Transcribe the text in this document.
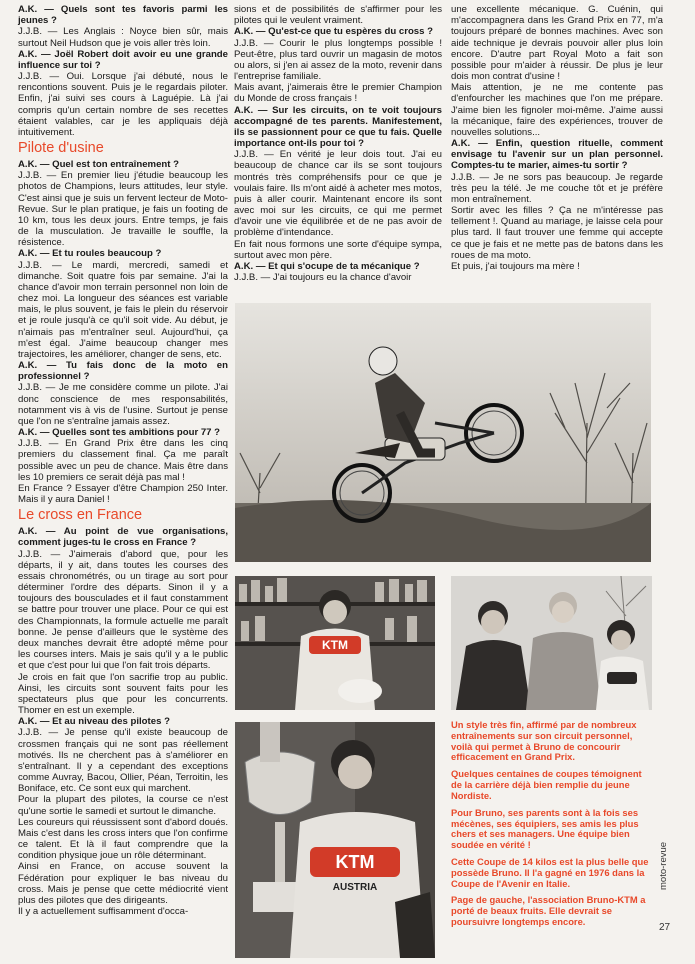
A.K. — Quels sont tes favoris parmi les jeunes ?

J.J.B. — Les Anglais : Noyce bien sûr, mais surtout Neil Hudson que je vois aller très loin.

A.K. — Joël Robert doit avoir eu une grande influence sur toi ?

J.J.B. — Oui. Lorsque j'ai débuté, nous le rencontions souvent. Puis je le regardais piloter. Enfin, j'ai suivi ses cours à Laguépie. Là j'ai compris qu'un certain nombre de ses recettes étaient valables, car je les appliquais déjà intuitivement.

Pilote d'usine

A.K. — Quel est ton entraînement ?

J.J.B. — En premier lieu j'étudie beaucoup les photos de Champions, leurs attitudes, leur style. C'est ainsi que je suis un fervent lecteur de Moto-Revue. Sur le plan pratique, je fais un footing de 10 km, tous les deux jours. Entre temps, je fais de la musculation. Je travaille le souffle, la résistence.

A.K. — Et tu roules beaucoup ?

J.J.B. — Le mardi, mercredi, samedi et dimanche. Soit quatre fois par semaine. J'ai la chance d'avoir mon terrain personnel non loin de chez moi. La longueur des séances est variable mais, le plus souvent, je fais le plein du réservoir et je roule jusqu'à ce qu'il soit vide. Au début, je n'aimais pas m'entraîner seul. Aujourd'hui, ça m'est égal. J'aime beaucoup changer mes trajectoires, les améliorer, changer de sens, etc.

A.K. — Tu fais donc de la moto en professionnel ?

J.J.B. — Je me considère comme un pilote. J'ai donc conscience de mes responsabilités, notamment vis à vis de l'usine. Surtout je pense que l'on ne s'entraîne jamais assez.

A.K. — Quelles sont tes ambitions pour 77 ?

J.J.B. — En Grand Prix être dans les cinq premiers du classement final. Ça me paraît possible avec un peu de chance. Mais être dans les 10 premiers ce serait déjà pas mal !

En France ? Essayer d'être Champion 250 Inter. Mais il y aura Daniel !

Le cross en France

A.K. — Au point de vue organisations, comment juges-tu le cross en France ?

J.J.B. — J'aimerais d'abord que, pour les départs, il y ait, dans toutes les courses des essais chronométrés, ou un tirage au sort pour déterminer l'ordre des départs. Sinon il y a toujours des bousculades et il faut constamment se battre pour trouver une place. Pour ce qui est des Championnats, la formule actuelle me paraît bonne. Je pense d'ailleurs que le système des deux manches devrait être adopté même pour les courses inters. Mais je sais qu'il y a le public et que c'est pour lui que l'on fait trois départs.

Je crois en fait que l'on sacrifie trop au public. Ainsi, les circuits sont souvent faits pour les spectateurs plus que pour les concurrents. Thomer en est un exemple.

A.K. — Et au niveau des pilotes ?

J.J.B. — Je pense qu'il existe beaucoup de crossmen français qui ne sont pas réellement motivés. Ils ne cherchent pas à s'améliorer en s'entraînant. Il y a cependant des exceptions comme Auvray, Bacou, Ollier, Péan, Terroitin, les Boniface, etc. Ce sont eux qui marchent.

Pour la plupart des pilotes, la course ce n'est qu'une sortie le samedi et surtout le dimanche.

Les coureurs qui réussissent sont d'abord doués. Mais c'est dans les cross inters que l'on confirme ce talent. Et là il faut comprendre que la condition physique joue un rôle déterminant.

Ainsi en France, on accuse souvent la Fédération pour expliquer le bas niveau du cross. Mais je pense que cette médiocrité vient plus des pilotes que des dirigeants.

Il y a actuellement suffisamment d'occa-

sions et de possibilités de s'affirmer pour les pilotes qui le veulent vraiment.

A.K. — Qu'est-ce que tu espères du cross ?

J.J.B. — Courir le plus longtemps possible ! Peut-être, plus tard ouvrir un magasin de motos ou alors, si j'en ai assez de la moto, revenir dans l'entreprise familiale.

Mais avant, j'aimerais être le premier Champion du Monde de cross français !

A.K. — Sur les circuits, on te voit toujours accompagné de tes parents. Manifestement, ils se passionnent pour ce que tu fais. Quelle importance ont-ils pour toi ?

J.J.B. — En vérité je leur dois tout. J'ai eu beaucoup de chance car ils se sont toujours montrés très compréhensifs pour ce que je voulais faire. Ils m'ont aidé à acheter mes motos, puis à aller courir. Maintenant encore ils sont avec moi sur les circuits, ce qui me permet d'avoir une vie équilibrée et de ne pas avoir de problème d'intendance.

En fait nous formons une sorte d'équipe sympa, surtout avec mon père.

A.K. — Et qui s'ocupe de ta mécanique ?

J.J.B. — J'ai toujours eu la chance d'avoir

une excellente mécanique. G. Cuénin, qui m'accompagnera dans les Grand Prix en 77, m'a toujours préparé de bonnes machines. Avec son aide technique je devrais pouvoir aller plus loin encore. D'autre part Royal Moto a fait son possible pour m'aider à réussir. De plus je leur dois mon contrat d'usine !

Mais attention, je ne me contente pas d'enfourcher les machines que l'on me prépare. J'aime bien les fignoler moi-même. J'aime aussi la mécanique, faire des expériences, trouver de nouvelles solutions...

A.K. — Enfin, question rituelle, comment envisage tu l'avenir sur un plan personnel. Comptes-tu te marier, aimes-tu sortir ?

J.J.B. — Je ne sors pas beaucoup. Je regarde très peu la télé. Je me couche tôt et je préfère mon entraînement.

Sortir avec les filles ? Ça ne m'intéresse pas tellement !. Quand au mariage, je laisse cela pour plus tard. Il faut trouver une femme qui accepte ce que je fais et ne mette pas de batons dans les roues de ma moto.

Et puis, j'ai toujours ma mère !

KTM
KTM
AUSTRIA

Un style très fin, affirmé par de nombreux entraînements sur son circuit personnel, voilà qui permet à Bruno de concourir efficacement en Grand Prix.

Quelques centaines de coupes témoignent de la carrière déjà bien remplie du jeune Nordiste.

Pour Bruno, ses parents sont à la fois ses mécènes, ses équipiers, ses amis les plus chers et ses managers. Une équipe bien soudée en vérité !

Cette Coupe de 14 kilos est la plus belle que possède Bruno. Il l'a gagné en 1976 dans la Coupe de l'Avenir en Italie.

Page de gauche, l'association Bruno-KTM a porté de beaux fruits. Elle devrait se poursuivre longtemps encore.

moto-revue
27
